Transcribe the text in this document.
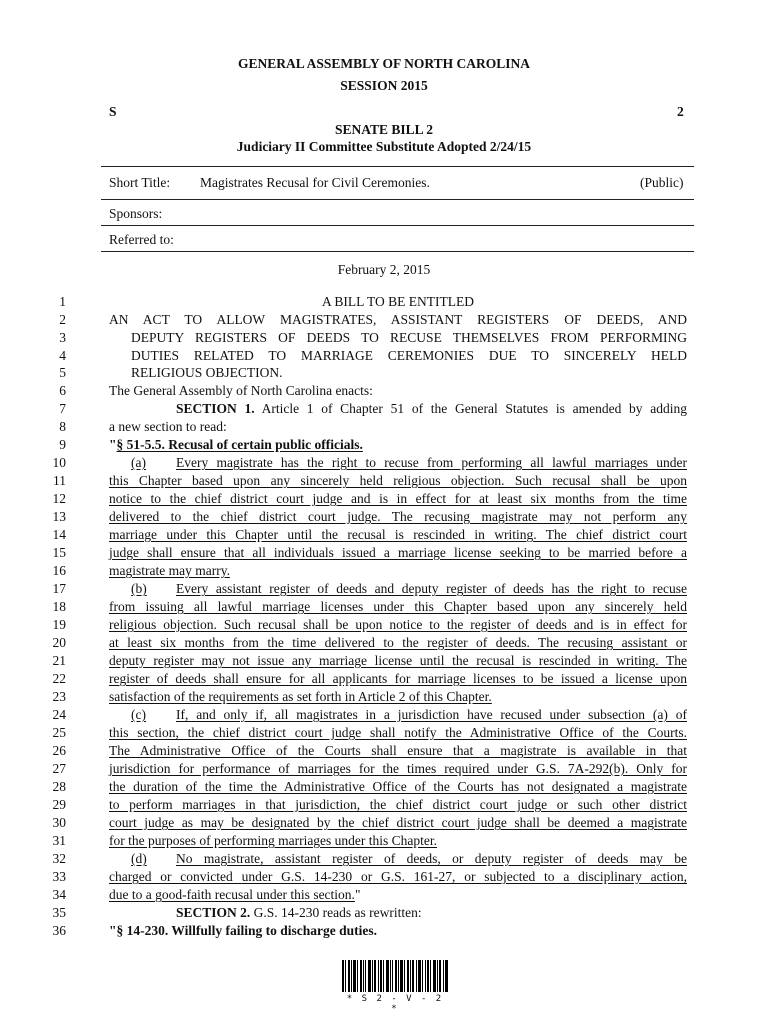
GENERAL ASSEMBLY OF NORTH CAROLINA
SESSION 2015
S	2
SENATE BILL 2
Judiciary II Committee Substitute Adopted 2/24/15
Short Title: Magistrates Recusal for Civil Ceremonies.	(Public)
Sponsors:
Referred to:
February 2, 2015
1	A BILL TO BE ENTITLED
2	AN ACT TO ALLOW MAGISTRATES, ASSISTANT REGISTERS OF DEEDS, AND
3	DEPUTY REGISTERS OF DEEDS TO RECUSE THEMSELVES FROM PERFORMING
4	DUTIES RELATED TO MARRIAGE CEREMONIES DUE TO SINCERELY HELD
5	RELIGIOUS OBJECTION.
6	The General Assembly of North Carolina enacts:
7	SECTION 1. Article 1 of Chapter 51 of the General Statutes is amended by adding
8	a new section to read:
9	"§ 51-5.5. Recusal of certain public officials.
10	(a)	Every magistrate has the right to recuse from performing all lawful marriages under
11	this Chapter based upon any sincerely held religious objection. Such recusal shall be upon
12	notice to the chief district court judge and is in effect for at least six months from the time
13	delivered to the chief district court judge. The recusing magistrate may not perform any
14	marriage under this Chapter until the recusal is rescinded in writing. The chief district court
15	judge shall ensure that all individuals issued a marriage license seeking to be married before a
16	magistrate may marry.
17	(b)	Every assistant register of deeds and deputy register of deeds has the right to recuse
18	from issuing all lawful marriage licenses under this Chapter based upon any sincerely held
19	religious objection. Such recusal shall be upon notice to the register of deeds and is in effect for
20	at least six months from the time delivered to the register of deeds. The recusing assistant or
21	deputy register may not issue any marriage license until the recusal is rescinded in writing. The
22	register of deeds shall ensure for all applicants for marriage licenses to be issued a license upon
23	satisfaction of the requirements as set forth in Article 2 of this Chapter.
24	(c)	If, and only if, all magistrates in a jurisdiction have recused under subsection (a) of
25	this section, the chief district court judge shall notify the Administrative Office of the Courts.
26	The Administrative Office of the Courts shall ensure that a magistrate is available in that
27	jurisdiction for performance of marriages for the times required under G.S. 7A-292(b). Only for
28	the duration of the time the Administrative Office of the Courts has not designated a magistrate
29	to perform marriages in that jurisdiction, the chief district court judge or such other district
30	court judge as may be designated by the chief district court judge shall be deemed a magistrate
31	for the purposes of performing marriages under this Chapter.
32	(d)	No magistrate, assistant register of deeds, or deputy register of deeds may be
33	charged or convicted under G.S. 14-230 or G.S. 161-27, or subjected to a disciplinary action,
34	due to a good-faith recusal under this section."
35	SECTION 2. G.S. 14-230 reads as rewritten:
36	"§ 14-230. Willfully failing to discharge duties.
* S 2 - V - 2 *
